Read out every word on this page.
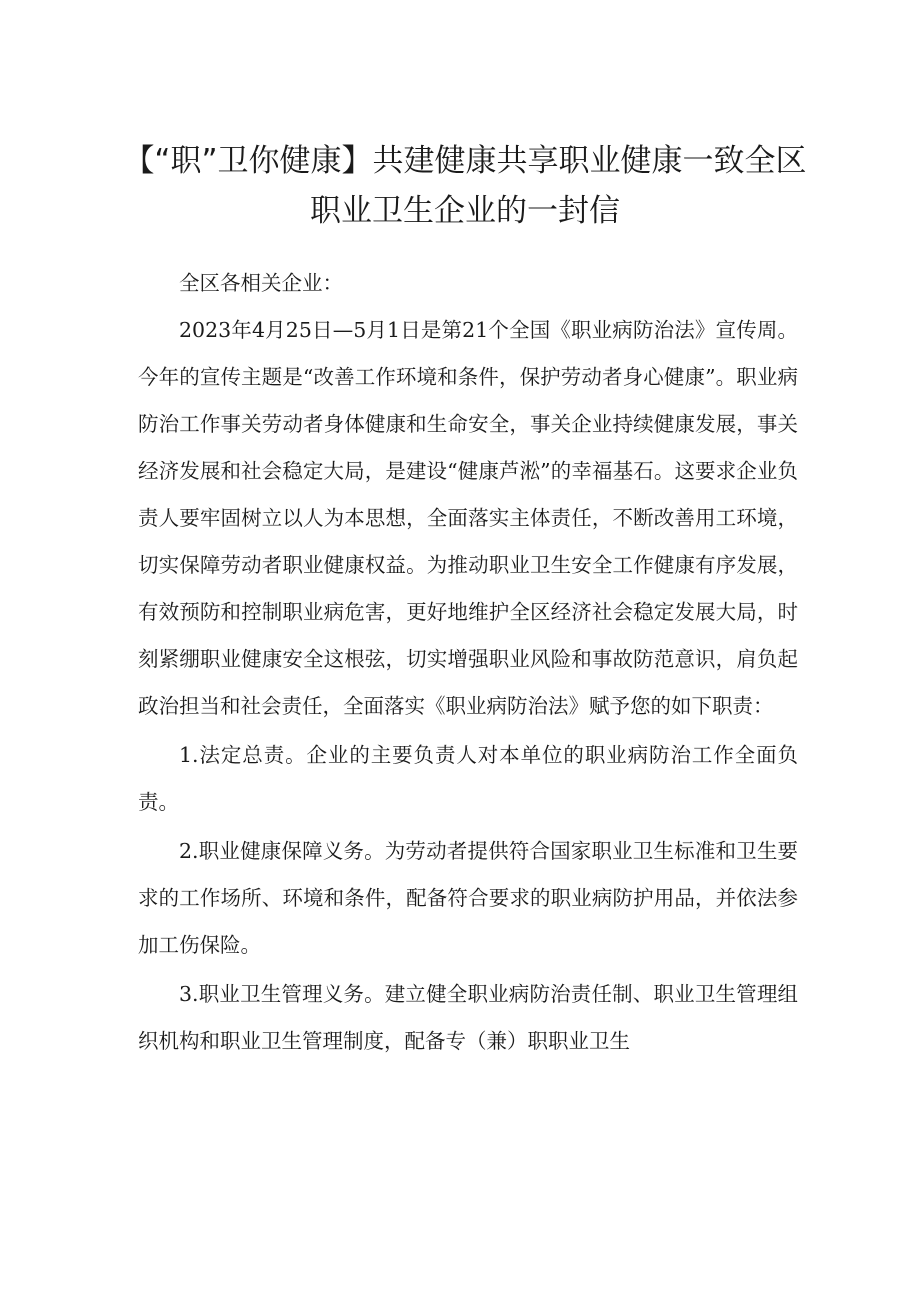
【“职”卫你健康】共建健康共享职业健康一致全区职业卫生企业的一封信

全区各相关企业：

2023年4月25日—5月1日是第21个全国《职业病防治法》宣传周。今年的宣传主题是“改善工作环境和条件，保护劳动者身心健康”。职业病防治工作事关劳动者身体健康和生命安全，事关企业持续健康发展，事关经济发展和社会稳定大局，是建设“健康芦淞”的幸福基石。这要求企业负责人要牢固树立以人为本思想，全面落实主体责任，不断改善用工环境，切实保障劳动者职业健康权益。为推动职业卫生安全工作健康有序发展，有效预防和控制职业病危害，更好地维护全区经济社会稳定发展大局，时刻紧绷职业健康安全这根弦，切实增强职业风险和事故防范意识，肩负起政治担当和社会责任，全面落实《职业病防治法》赋予您的如下职责：

1.法定总责。企业的主要负责人对本单位的职业病防治工作全面负责。

2.职业健康保障义务。为劳动者提供符合国家职业卫生标准和卫生要求的工作场所、环境和条件，配备符合要求的职业病防护用品，并依法参加工伤保险。

3.职业卫生管理义务。建立健全职业病防治责任制、职业卫生管理组织机构和职业卫生管理制度，配备专（兼）职职业卫生
